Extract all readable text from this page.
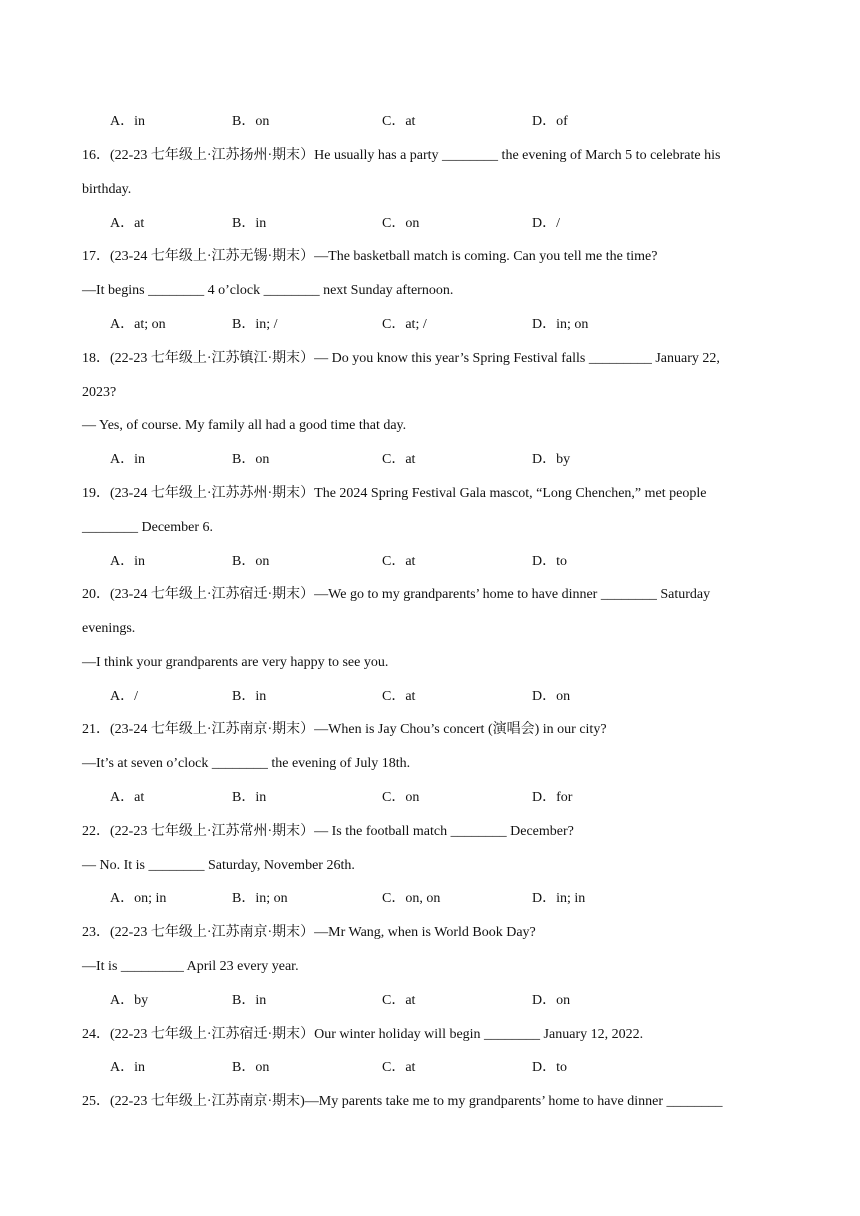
A．in	B．on	C．at	D．of
16．(22-23 七年级上·江苏扬州·期末）He usually has a party ________ the evening of March 5 to celebrate his
birthday.
A．at	B．in	C．on	D．/
17．(23-24 七年级上·江苏无锡·期末）—The basketball match is coming. Can you tell me the time?
—It begins ________ 4 o’clock ________ next Sunday afternoon.
A．at; on	B．in; /	C．at; /	D．in; on
18．(22-23 七年级上·江苏镇江·期末）— Do you know this year’s Spring Festival falls _________ January 22,
2023?
— Yes, of course. My family all had a good time that day.
A．in	B．on	C．at	D．by
19．(23-24 七年级上·江苏苏州·期末）The 2024 Spring Festival Gala mascot, “Long Chenchen,” met people
________ December 6.
A．in	B．on	C．at	D．to
20．(23-24 七年级上·江苏宿迁·期末）—We go to my grandparents’ home to have dinner ________ Saturday
evenings.
—I think your grandparents are very happy to see you.
A．/	B．in	C．at	D．on
21．(23-24 七年级上·江苏南京·期末）—When is Jay Chou’s concert (演唱会) in our city?
—It’s at seven o’clock ________ the evening of July 18th.
A．at	B．in	C．on	D．for
22．(22-23 七年级上·江苏常州·期末）— Is the football match ________ December?
— No. It is ________ Saturday, November 26th.
A．on; in	B．in; on	C．on, on	D．in; in
23．(22-23 七年级上·江苏南京·期末）—Mr Wang, when is World Book Day?
—It is _________ April 23 every year.
A．by	B．in	C．at	D．on
24．(22-23 七年级上·江苏宿迁·期末）Our winter holiday will begin ________ January 12, 2022.
A．in	B．on	C．at	D．to
25．(22-23 七年级上·江苏南京·期末)—My parents take me to my grandparents’ home to have dinner ________
